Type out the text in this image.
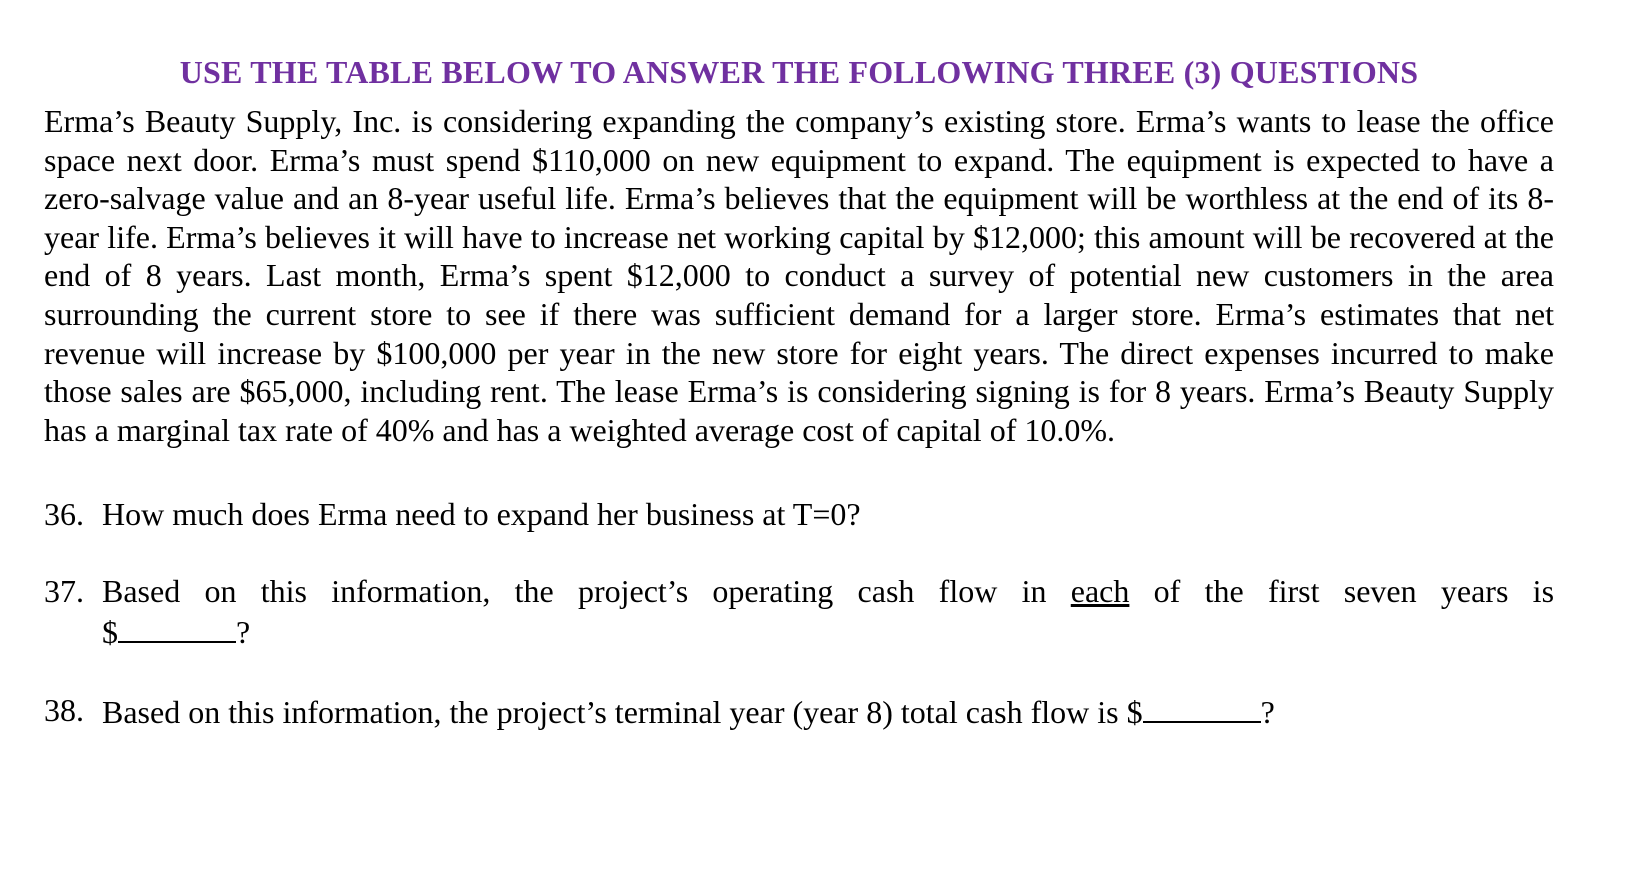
USE THE TABLE BELOW TO ANSWER THE FOLLOWING THREE (3) QUESTIONS

Erma’s Beauty Supply, Inc. is considering expanding the company’s existing store. Erma’s wants to lease the office space next door. Erma’s must spend $110,000 on new equipment to expand. The equipment is expected to have a zero-salvage value and an 8-year useful life. Erma’s believes that the equipment will be worthless at the end of its 8-year life. Erma’s believes it will have to increase net working capital by $12,000; this amount will be recovered at the end of 8 years. Last month, Erma’s spent $12,000 to conduct a survey of potential new customers in the area surrounding the current store to see if there was sufficient demand for a larger store. Erma’s estimates that net revenue will increase by $100,000 per year in the new store for eight years. The direct expenses incurred to make those sales are $65,000, including rent. The lease Erma’s is considering signing is for 8 years. Erma’s Beauty Supply has a marginal tax rate of 40% and has a weighted average cost of capital of 10.0%.

36. How much does Erma need to expand her business at T=0?
37. Based on this information, the project’s operating cash flow in each of the first seven years is
$	?
38. Based on this information, the project’s terminal year (year 8) total cash flow is $	?
